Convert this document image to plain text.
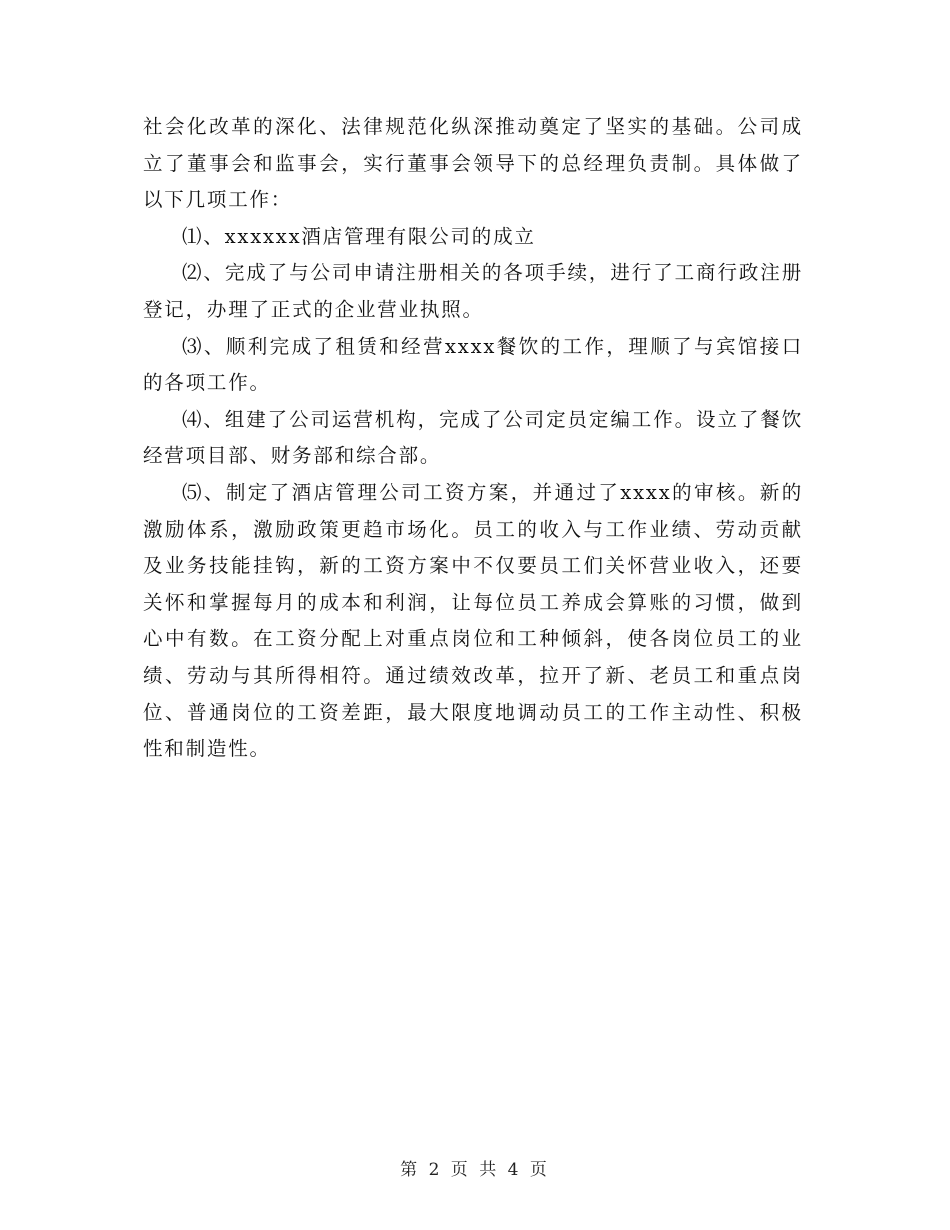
社会化改革的深化、法律规范化纵深推动奠定了坚实的基础。公司成立了董事会和监事会，实行董事会领导下的总经理负责制。具体做了以下几项工作：

⑴、xxxxxx酒店管理有限公司的成立

⑵、完成了与公司申请注册相关的各项手续，进行了工商行政注册登记，办理了正式的企业营业执照。

⑶、顺利完成了租赁和经营xxxx餐饮的工作，理顺了与宾馆接口的各项工作。

⑷、组建了公司运营机构，完成了公司定员定编工作。设立了餐饮经营项目部、财务部和综合部。

⑸、制定了酒店管理公司工资方案，并通过了xxxx的审核。新的激励体系，激励政策更趋市场化。员工的收入与工作业绩、劳动贡献及业务技能挂钩，新的工资方案中不仅要员工们关怀营业收入，还要关怀和掌握每月的成本和利润，让每位员工养成会算账的习惯，做到心中有数。在工资分配上对重点岗位和工种倾斜，使各岗位员工的业绩、劳动与其所得相符。通过绩效改革，拉开了新、老员工和重点岗位、普通岗位的工资差距，最大限度地调动员工的工作主动性、积极性和制造性。

第 2 页 共 4 页
